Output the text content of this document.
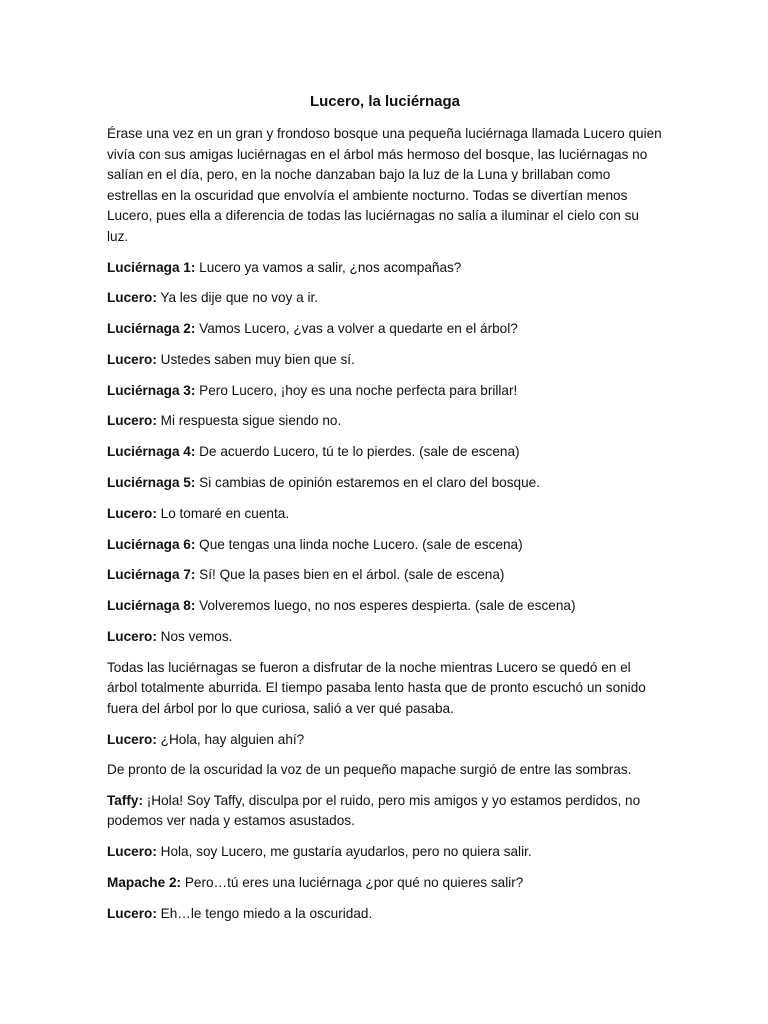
Lucero, la luciérnaga

Érase una vez en un gran y frondoso bosque una pequeña luciérnaga llamada Lucero quien vivía con sus amigas luciérnagas en el árbol más hermoso del bosque, las luciérnagas no salían en el día, pero, en la noche danzaban bajo la luz de la Luna y brillaban como estrellas en la oscuridad que envolvía el ambiente nocturno. Todas se divertían menos Lucero, pues ella a diferencia de todas las luciérnagas no salía a iluminar el cielo con su luz.

Luciérnaga 1: Lucero ya vamos a salir, ¿nos acompañas?

Lucero: Ya les dije que no voy a ir.

Luciérnaga 2: Vamos Lucero, ¿vas a volver a quedarte en el árbol?

Lucero: Ustedes saben muy bien que sí.

Luciérnaga 3: Pero Lucero, ¡hoy es una noche perfecta para brillar!

Lucero: Mi respuesta sigue siendo no.

Luciérnaga 4: De acuerdo Lucero, tú te lo pierdes. (sale de escena)

Luciérnaga 5: Si cambias de opinión estaremos en el claro del bosque.

Lucero: Lo tomaré en cuenta.

Luciérnaga 6: Que tengas una linda noche Lucero. (sale de escena)

Luciérnaga 7: Sí! Que la pases bien en el árbol. (sale de escena)

Luciérnaga 8: Volveremos luego, no nos esperes despierta. (sale de escena)

Lucero: Nos vemos.

Todas las luciérnagas se fueron a disfrutar de la noche mientras Lucero se quedó en el árbol totalmente aburrida. El tiempo pasaba lento hasta que de pronto escuchó un sonido fuera del árbol por lo que curiosa, salió a ver qué pasaba.

Lucero: ¿Hola, hay alguien ahí?

De pronto de la oscuridad la voz de un pequeño mapache surgió de entre las sombras.

Taffy: ¡Hola! Soy Taffy, disculpa por el ruido, pero mis amigos y yo estamos perdidos, no podemos ver nada y estamos asustados.

Lucero: Hola, soy Lucero, me gustaría ayudarlos, pero no quiera salir.

Mapache 2: Pero…tú eres una luciérnaga ¿por qué no quieres salir?

Lucero: Eh…le tengo miedo a la oscuridad.
